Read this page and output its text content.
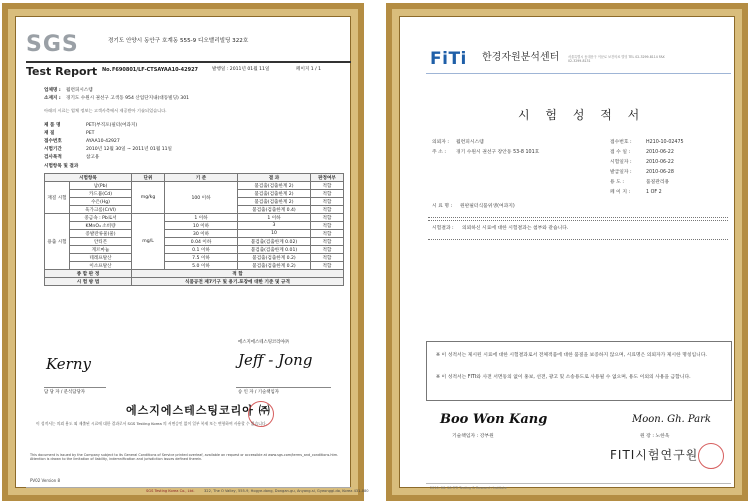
SGS	경기도 안양시 동안구 호계동 555-9 디오밸리빌딩 322호
Test Report No. F690801/LF-CTSAYAA10-42927	발행일 : 2011년 01월 11일	페이지 1 / 1
업체명 : 월련피시스템
소재지 : 경기도 수원시 권선구 고색동 954 산업단지내(대동빌딩) 301
아래의 시료는 업체 정보는 고객사측에서 제공받아 기술되었습니다.
제 품 명	PET(부직포)필터(여과지)
재 질	PET
접수번호	AYAA10-42927
시험기간	2010년 12월 30일 ~ 2011년 01월 11일
검사목적	참고용
시험항목 및 결과
시험항목		단위	기 준	결 과	판정여부
재질 시험	납(Pb)	mg/kg	100 이하	불검출(검출한계 2)	적합
	카드뮴(Cd)			불검출(검출한계 2)	적합
	수은(Hg)			불검출(검출한계 2)	적합
	육가크롬(CrVI)			불검출(검출한계 0.4)	적합
용출 시험	중금속 : Pb로서	mg/L	1 이하	1 이하	적합
	KMnO₄ 소비량		10 이하	3	적합
	증발잔류물(물)		30 이하	10	적합
	안티몬		0.04 이하	불검출(검출한계 0.02)	적합
	게르마늄		0.1 이하	불검출(검출한계 0.01)	적합
	테레프탈산		7.5 이하	불검출(검출한계 0.2)	적합
	이소프탈산		5.0 이하	불검출(검출한계 0.2)	적합
종 합 판 정		적 합			
시 험 방 법		식품공전 제7기구 및 용기.포장에 대한 기준 및 규격			
에스지에스테스팅코리아㈜
Kerny	Jeff - Jong
담 당 자 / 분석담당자	승 인 자 / 기술책임자
에스지에스테스팅코리아 ㈜
이 성적서는 의뢰 용도 외 제출된 시료에 대한 결과로서 SGS Testing Korea 의 서면승인 없이 일부 복제 또는 변형하여 사용할 수 없습니다.
This document is issued by the Company subject to its General Conditions of Service printed overleaf, available on request or accessible at www.sgs.com/terms_and_conditions.htm. Attention is drawn to the limitation of liability, indemnification and jurisdiction issues defined therein.
PV02 Version 8
SGS Testing Korea Co., Ltd.	322, The O Valley, 555-9, Hogye-dong, Dongan-gu, Anyang-si, Gyeonggi-do, Korea 431-080
FiTi 한경자원분석센터	서울특별시 동대문구 이문로 보건의료 빌딩 TEL 02-3299-8114 FAX 02-3299-8131
시 험 성 적 서
의뢰자 : 월련피시스템
주 소 : 경기 수원시 권선구 장안동 53-8 101호
접수번호 :	H210-10-02475
접 수 일 :	2010-06-22
시험일자 :	2010-06-22
발급일자 :	2010-06-28
용 도 :	품질관리용
페 이 지 :	1 OF 2
시 료 명 : 원판필터식품위생(여과지)
시험결과 : 의뢰하신 시료에 대한 시험결과는 첨부와 같습니다.
※ 이 성적서는 제시된 시료에 대한 시험결과로서 전체적품에 대한 품질을 보증하지 않으며, 시료명은 의뢰자가 제시한 명칭입니다.
※ 이 성적서는 FITI와 사전 서면동의 없이 홍보, 선전, 광고 및 소송용도로 사용될 수 없으며, 용도 이외의 사용을 금합니다.
Boo Won Kang	Moon. Gh. Park
기술책임자 : 강부원	원 장 : 노한욱
FITI시험연구원
2010. 06. 28 FiTi Testing & Research Institute
